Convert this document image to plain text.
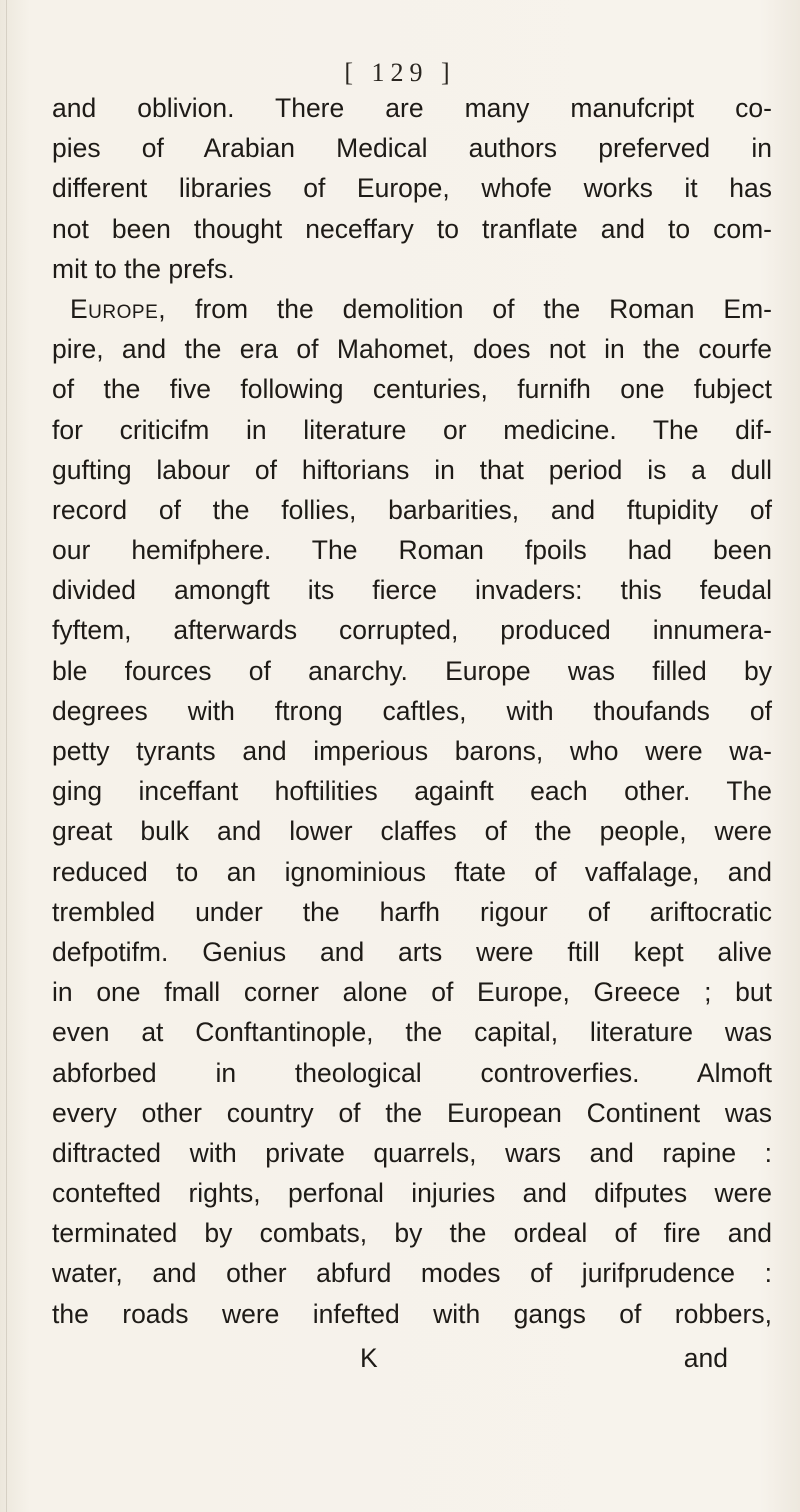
[ 129 ]
and oblivion. There are many manufcript co-
pies of Arabian Medical authors preferved in
different libraries of Europe, whofe works it has
not been thought neceffary to tranflate and to com-
mit to the prefs.
Europe, from the demolition of the Roman Em-
pire, and the era of Mahomet, does not in the courfe
of the five following centuries, furnifh one fubject
for criticifm in literature or medicine. The dif-
gufting labour of hiftorians in that period is a dull
record of the follies, barbarities, and ftupidity of
our hemifphere. The Roman fpoils had been
divided amongft its fierce invaders: this feudal
fyftem, afterwards corrupted, produced innumera-
ble fources of anarchy. Europe was filled by
degrees with ftrong caftles, with thoufands of
petty tyrants and imperious barons, who were wa-
ging inceffant hoftilities againft each other. The
great bulk and lower claffes of the people, were
reduced to an ignominious ftate of vaffalage, and
trembled under the harfh rigour of ariftocratic
defpotifm. Genius and arts were ftill kept alive
in one fmall corner alone of Europe, Greece ; but
even at Conftantinople, the capital, literature was
abforbed in theological controverfies. Almoft
every other country of the European Continent was
diftracted with private quarrels, wars and rapine :
contefted rights, perfonal injuries and difputes were
terminated by combats, by the ordeal of fire and
water, and other abfurd modes of jurifprudence :
the roads were infefted with gangs of robbers,
K	and
